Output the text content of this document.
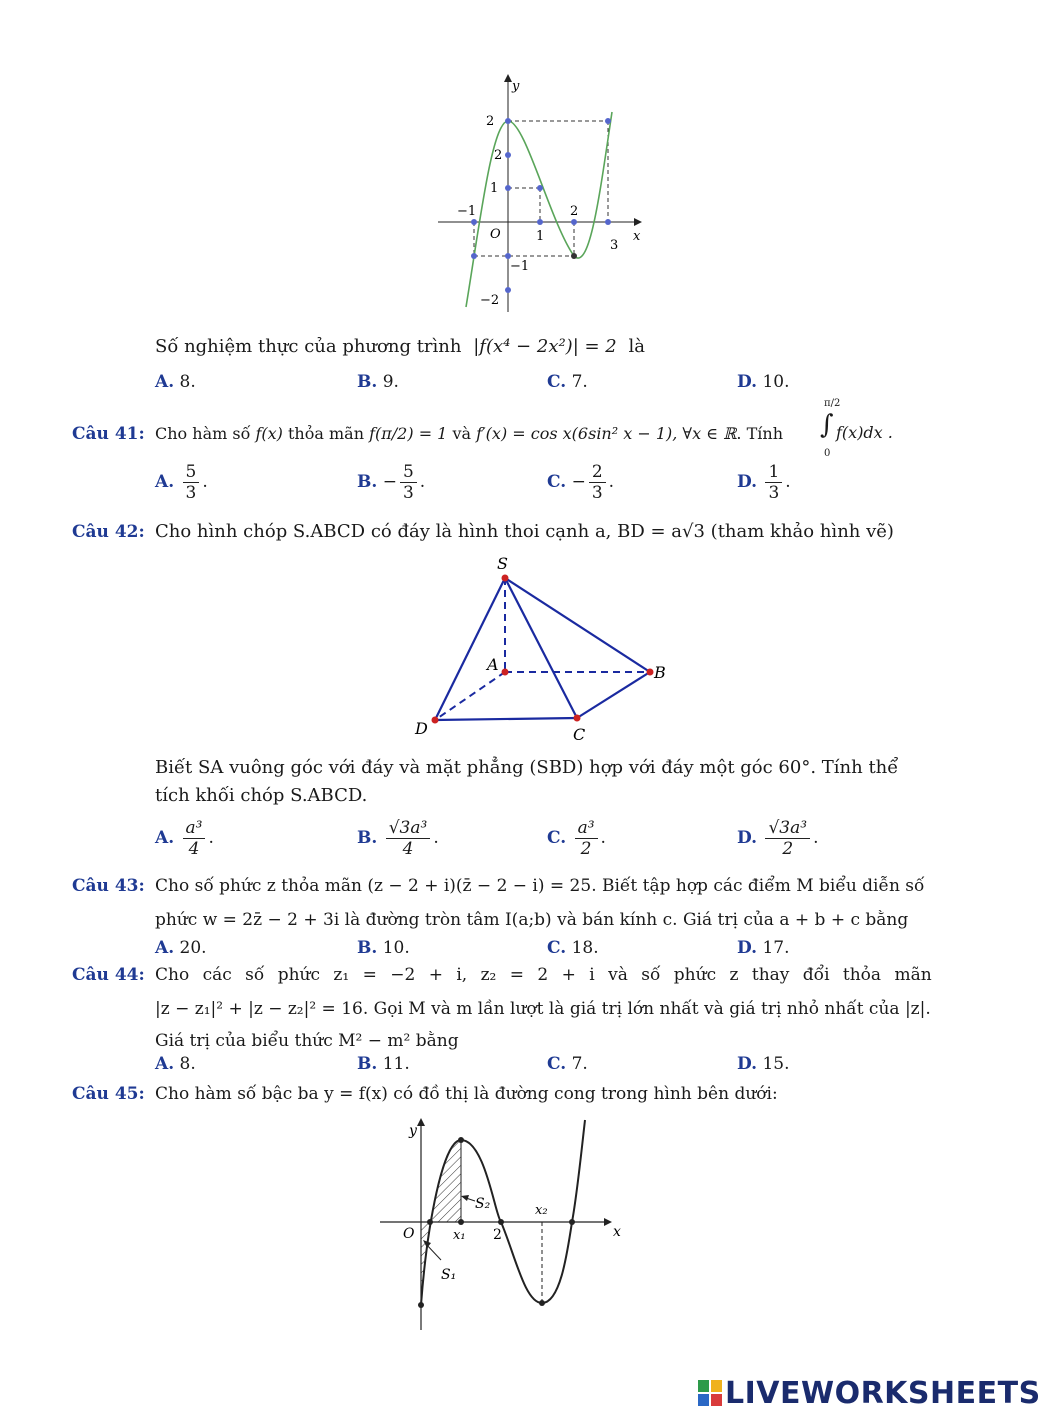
y
x
O
2
2
1
−1
1
2
3
−1
−2
Số nghiệm thực của phương trình |f(x⁴ − 2x²)| = 2 là
A. 8.	B. 9.	C. 7.	D. 10.
Câu 41: Cho hàm số f(x) thỏa mãn f(π/2) = 1 và f′(x) = cos x(6sin² x − 1), ∀x ∈ ℝ. Tính
π/2
∫
0
f(x)dx .
A. $\frac{5}{3}$ .	B. − $\frac{5}{3}$ .	C. − $\frac{2}{3}$ .	D. $\frac{1}{3}$ .
Câu 42: Cho hình chóp S.ABCD có đáy là hình thoi cạnh a, BD = a√3 (tham khảo hình vẽ)
S
A	B
C
D
Biết SA vuông góc với đáy và mặt phẳng (SBD) hợp với đáy một góc 60°. Tính thể tích khối chóp S.ABCD.
A. $\frac{\text{a³}}{4}$ .	B. $\frac{\text{√3a³}}{4}$ .	C. $\frac{\text{a³}}{2}$ .	D. $\frac{\text{√3a³}}{2}$ .
Câu 43: Cho số phức z thỏa mãn (z − 2 + i)(z̄ − 2 − i) = 25. Biết tập hợp các điểm M biểu diễn số
phức w = 2z̄ − 2 + 3i là đường tròn tâm I(a;b) và bán kính c. Giá trị của a + b + c bằng
A. 20.	B. 10.	C. 18.	D. 17.
Câu 44: Cho các số phức z₁ = −2 + i, z₂ = 2 + i và số phức z thay đổi thỏa mãn
|z − z₁|² + |z − z₂|² = 16. Gọi M và m lần lượt là giá trị lớn nhất và giá trị nhỏ nhất của |z|.
Giá trị của biểu thức M² − m² bằng
A. 8.	B. 11.	C. 7.	D. 15.
Câu 45: Cho hàm số bậc ba y = f(x) có đồ thị là đường cong trong hình bên dưới:
y
x
O	x₁ 2
x₂
S₂
S₁
LIVEWORKSHEETS
